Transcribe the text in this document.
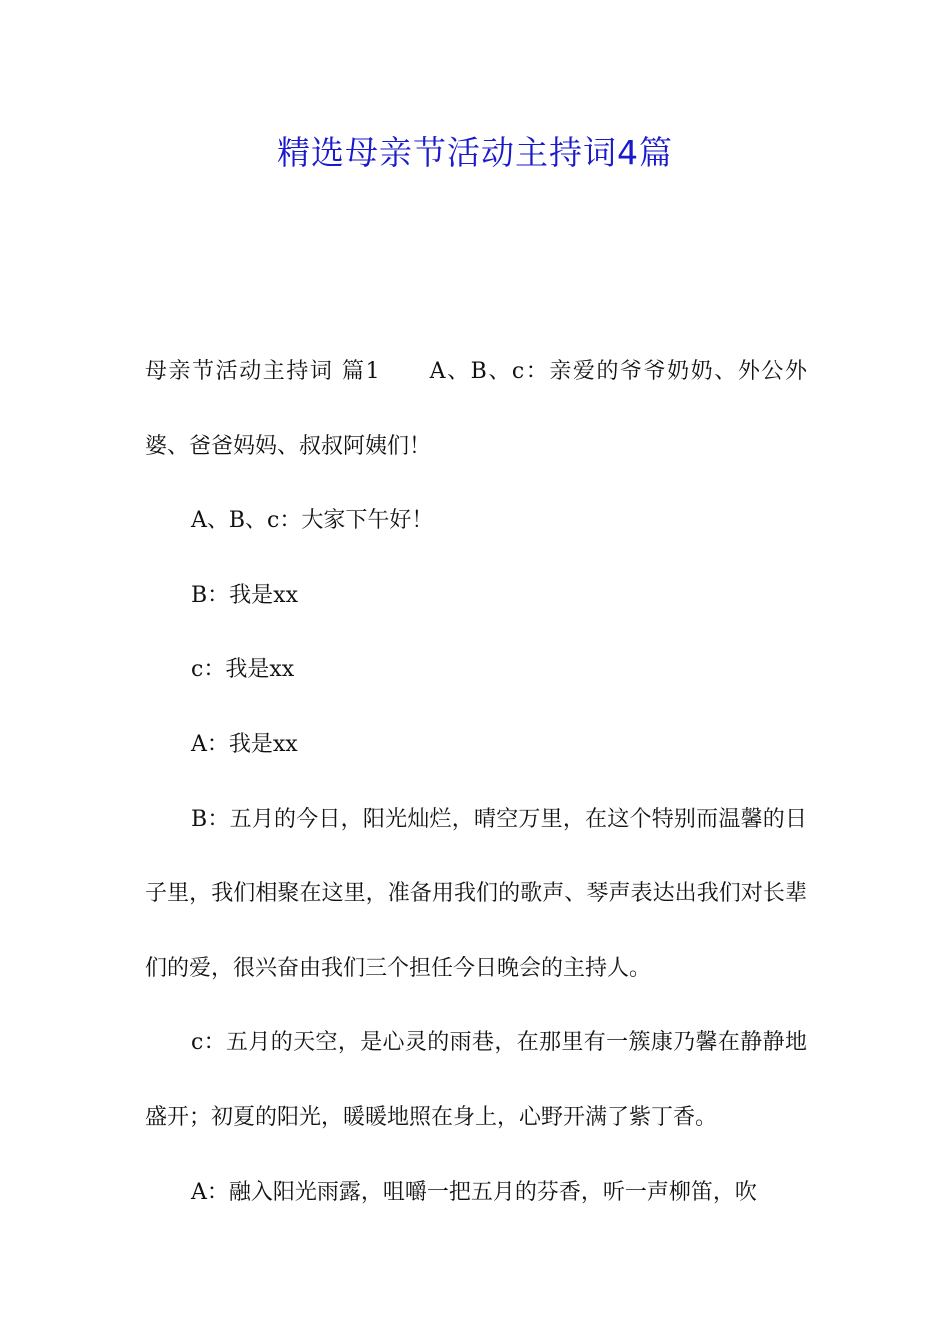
精选母亲节活动主持词4篇

母亲节活动主持词 篇1 A、B、c：亲爱的爷爷奶奶、外公外婆、爸爸妈妈、叔叔阿姨们！

A、B、c：大家下午好！

B：我是xx

c：我是xx

A：我是xx

B：五月的今日，阳光灿烂，晴空万里，在这个特别而温馨的日子里，我们相聚在这里，准备用我们的歌声、琴声表达出我们对长辈们的爱，很兴奋由我们三个担任今日晚会的主持人。

c：五月的天空，是心灵的雨巷，在那里有一簇康乃馨在静静地盛开；初夏的阳光，暖暖地照在身上，心野开满了紫丁香。

A：融入阳光雨露，咀嚼一把五月的芬香，听一声柳笛，吹
